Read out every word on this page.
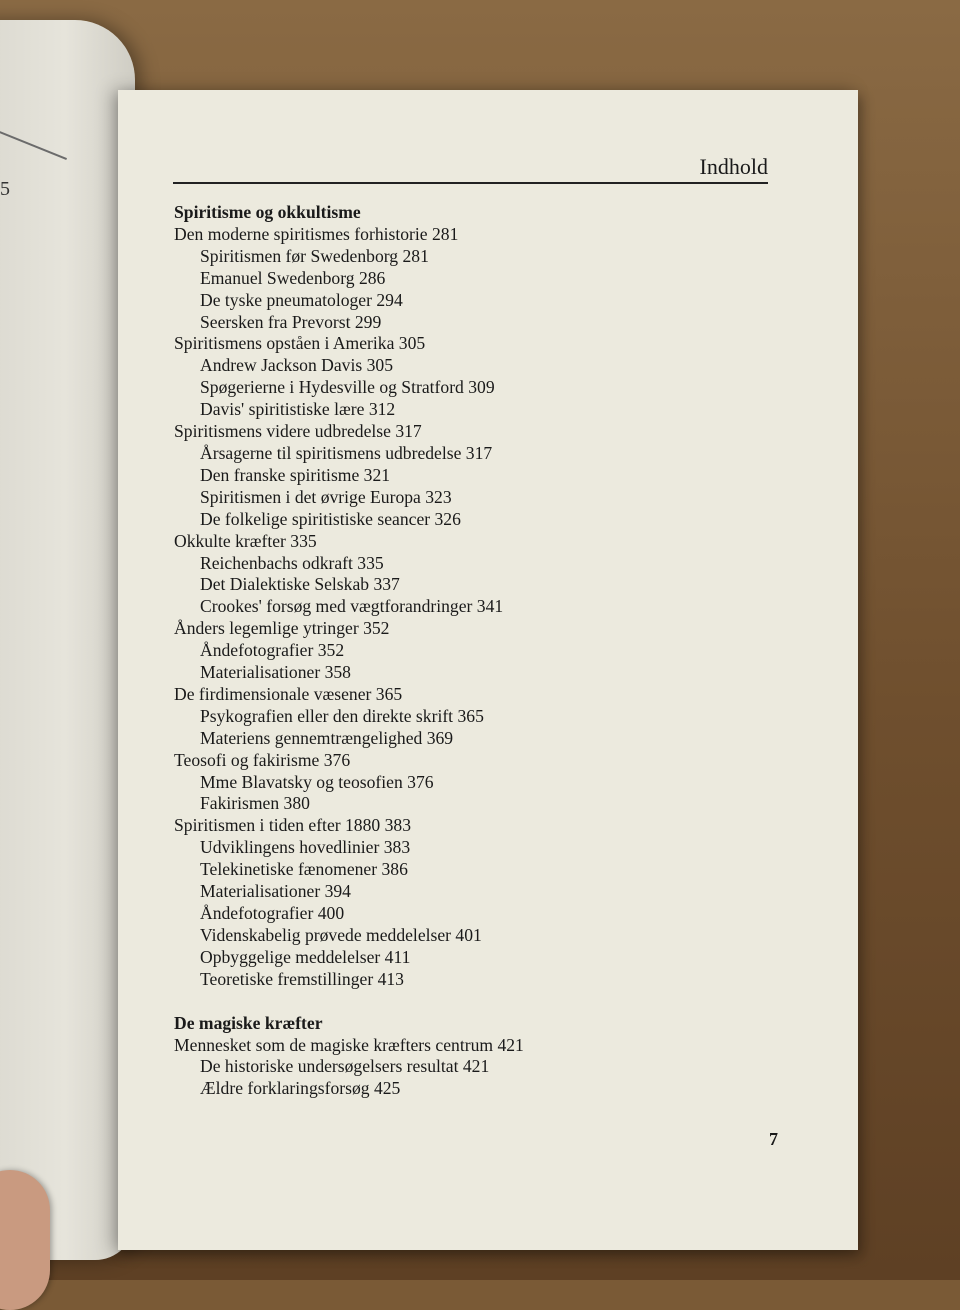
5
Indhold
Spiritisme og okkultisme
Den moderne spiritismes forhistorie 281
Spiritismen før Swedenborg 281
Emanuel Swedenborg 286
De tyske pneumatologer 294
Seersken fra Prevorst 299
Spiritismens opståen i Amerika 305
Andrew Jackson Davis 305
Spøgerierne i Hydesville og Stratford 309
Davis' spiritistiske lære 312
Spiritismens videre udbredelse 317
Årsagerne til spiritismens udbredelse 317
Den franske spiritisme 321
Spiritismen i det øvrige Europa 323
De folkelige spiritistiske seancer 326
Okkulte kræfter 335
Reichenbachs odkraft 335
Det Dialektiske Selskab 337
Crookes' forsøg med vægtforandringer 341
Ånders legemlige ytringer 352
Åndefotografier 352
Materialisationer 358
De firdimensionale væsener 365
Psykografien eller den direkte skrift 365
Materiens gennemtrængelighed 369
Teosofi og fakirisme 376
Mme Blavatsky og teosofien 376
Fakirismen 380
Spiritismen i tiden efter 1880 383
Udviklingens hovedlinier 383
Telekinetiske fænomener 386
Materialisationer 394
Åndefotografier 400
Videnskabelig prøvede meddelelser 401
Opbyggelige meddelelser 411
Teoretiske fremstillinger 413
De magiske kræfter
Mennesket som de magiske kræfters centrum 421
De historiske undersøgelsers resultat 421
Ældre forklaringsforsøg 425
7
